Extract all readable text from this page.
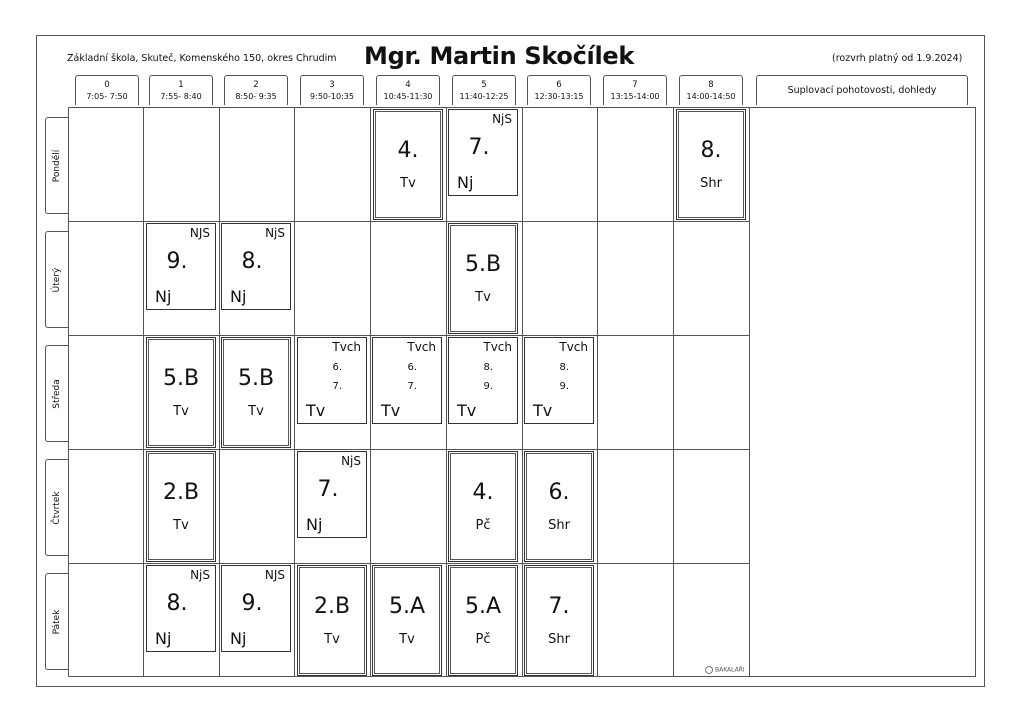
Základní škola, Skuteč, Komenského 150, okres Chrudim Mgr. Martin Skočílek	(rozvrh platný od 1.9.2024)
0
7:05- 7:50
1
7:55- 8:40
2
8:50- 9:35
3
9:50-10:35
4
10:45-11:30
5
11:40-12:25
6
12:30-13:15
7
13:15-14:00
8
14:00-14:50
Suplovací pohotovosti, dohledy
Pondělí
Úterý
Středa
Čtvrtek
Pátek
4.
Tv
NjS
7.
Nj
8.
Shr
NJS
9.
Nj
NjS
8.
Nj
5.B
Tv
5.B
Tv
5.B
Tv
Tvch
6.
7.
Tv
Tvch
6.
7.
Tv
Tvch
8.
9.
Tv
Tvch
8.
9.
Tv
2.B
Tv
NjS
7.
Nj
4.
Pč
6.
Shr
NjS
8.
Nj
NJS
9.
Nj
2.B
Tv
5.A
Tv
5.A
Pč
7.
Shr
BAKALÁŘI
